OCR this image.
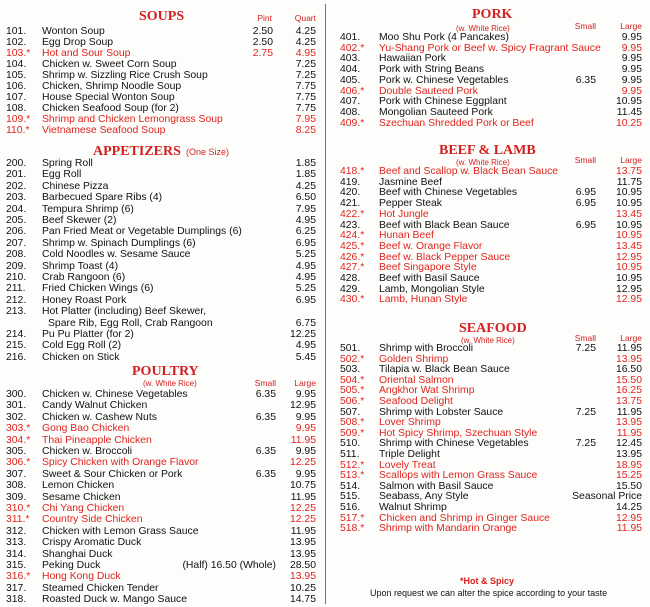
SOUPS	Pint	Quart
101. Wonton Soup	2.50 4.25
102. Egg Drop Soup	2.50 4.25
103.* Hot and Sour Soup	2.75 4.95
104. Chicken w. Sweet Corn Soup	7.25
105. Shrimp w. Sizzling Rice Crush Soup	7.25
106. Chicken, Shrimp Noodle Soup	7.75
107. House Special Wonton Soup	7.75
108. Chicken Seafood Soup (for 2)	7.75
109.* Shrimp and Chicken Lemongrass Soup	7.95
110.* Vietnamese Seafood Soup	8.25
APPETIZERS (One Size)
200. Spring Roll	1.85
201. Egg Roll	1.85
202. Chinese Pizza	4.25
203. Barbecued Spare Ribs (4)	6.50
204. Tempura Shrimp (6)	7.95
205. Beef Skewer (2)	4.95
206. Pan Fried Meat or Vegetable Dumplings (6)	6.25
207. Shrimp w. Spinach Dumplings (6)	6.95
208. Cold Noodles w. Sesame Sauce	5.25
209. Shrimp Toast (4)	4.95
210. Crab Rangoon (6)	4.95
211. Fried Chicken Wings (6)	5.25
212. Honey Roast Pork	6.95
213. Hot Platter (including) Beef Skewer,
Spare Rib, Egg Roll, Crab Rangoon	6.75
214. Pu Pu Platter (for 2)	12.25
215. Cold Egg Roll (2)	4.95
216. Chicken on Stick	5.45
POULTRY
(w. White Rice)	Small	Large
300. Chicken w. Chinese Vegetables	6.35 9.95
301. Candy Walnut Chicken	12.95
302. Chicken w. Cashew Nuts	6.35 9.95
303.* Gong Bao Chicken	9.95
304.* Thai Pineapple Chicken	11.95
305. Chicken w. Broccoli	6.35 9.95
306.* Spicy Chicken with Orange Flavor	12.25
307. Sweet & Sour Chicken or Pork	6.35 9.95
308. Lemon Chicken	10.75
309. Sesame Chicken	11.95
310.* Chi Yang Chicken	12.25
311.* Country Side Chicken	12.25
312. Chicken with Lemon Grass Sauce	11.95
313. Crispy Aromatic Duck	13.95
314. Shanghai Duck	13.95
315. Peking Duck	(Half) 16.50 (Whole) 28.50
316.* Hong Kong Duck	13.95
317. Steamed Chicken Tender	10.25
318. Roasted Duck w. Mango Sauce	14.75
PORK
(w. White Rice)	Small	Large
401. Moo Shu Pork (4 Pancakes)	9.95
402.* Yu-Shang Pork or Beef w. Spicy Fragrant Sauce 9.95
403. Hawaiian Pork	9.95
404. Pork with String Beans	9.95
405. Pork w. Chinese Vegetables	6.35 9.95
406.* Double Sauteed Pork	9.95
407. Pork with Chinese Eggplant	10.95
408. Mongolian Sauteed Pork	11.45
409.* Szechuan Shredded Pork or Beef	10.25
BEEF & LAMB
(w. White Rice)	Small	Large
418.* Beef and Scallop w. Black Bean Sauce	13.75
419. Jasmine Beef	11.75
420. Beef with Chinese Vegetables	6.95 10.95
421. Pepper Steak	6.95 10.95
422.* Hot Jungle	13.45
423. Beef with Black Bean Sauce	6.95 10.95
424.* Hunan Beef	10.95
425.* Beef w. Orange Flavor	13.45
426.* Beef w. Black Pepper Sauce	12.95
427.* Beef Singapore Style	10.95
428. Beef with Basil Sauce	10.95
429. Lamb, Mongolian Style	12.95
430.* Lamb, Hunan Style	12.95
SEAFOOD
(w. White Rice)	Small	Large
501. Shrimp with Broccoli	7.25 11.95
502.* Golden Shrimp	13.95
503. Tilapia w. Black Bean Sauce	16.50
504.* Oriental Salmon	15.50
505.* Angkhor Wat Shrimp	16.25
506.* Seafood Delight	13.75
507. Shrimp with Lobster Sauce	7.25 11.95
508.* Lover Shrimp	13.95
509.* Hot Spicy Shrimp, Szechuan Style	11.95
510. Shrimp with Chinese Vegetables	7.25 12.45
511. Triple Delight	13.95
512.* Lovely Treat	18.95
513.* Scallops with Lemon Grass Sauce	15.25
514. Salmon with Basil Sauce	15.50
515. Seabass, Any Style	Seasonal Price
516. Walnut Shrimp	14.25
517.* Chicken and Shrimp in Ginger Sauce	12.95
518.* Shrimp with Mandarin Orange	11.95
*Hot & Spicy
Upon request we can alter the spice according to your taste
